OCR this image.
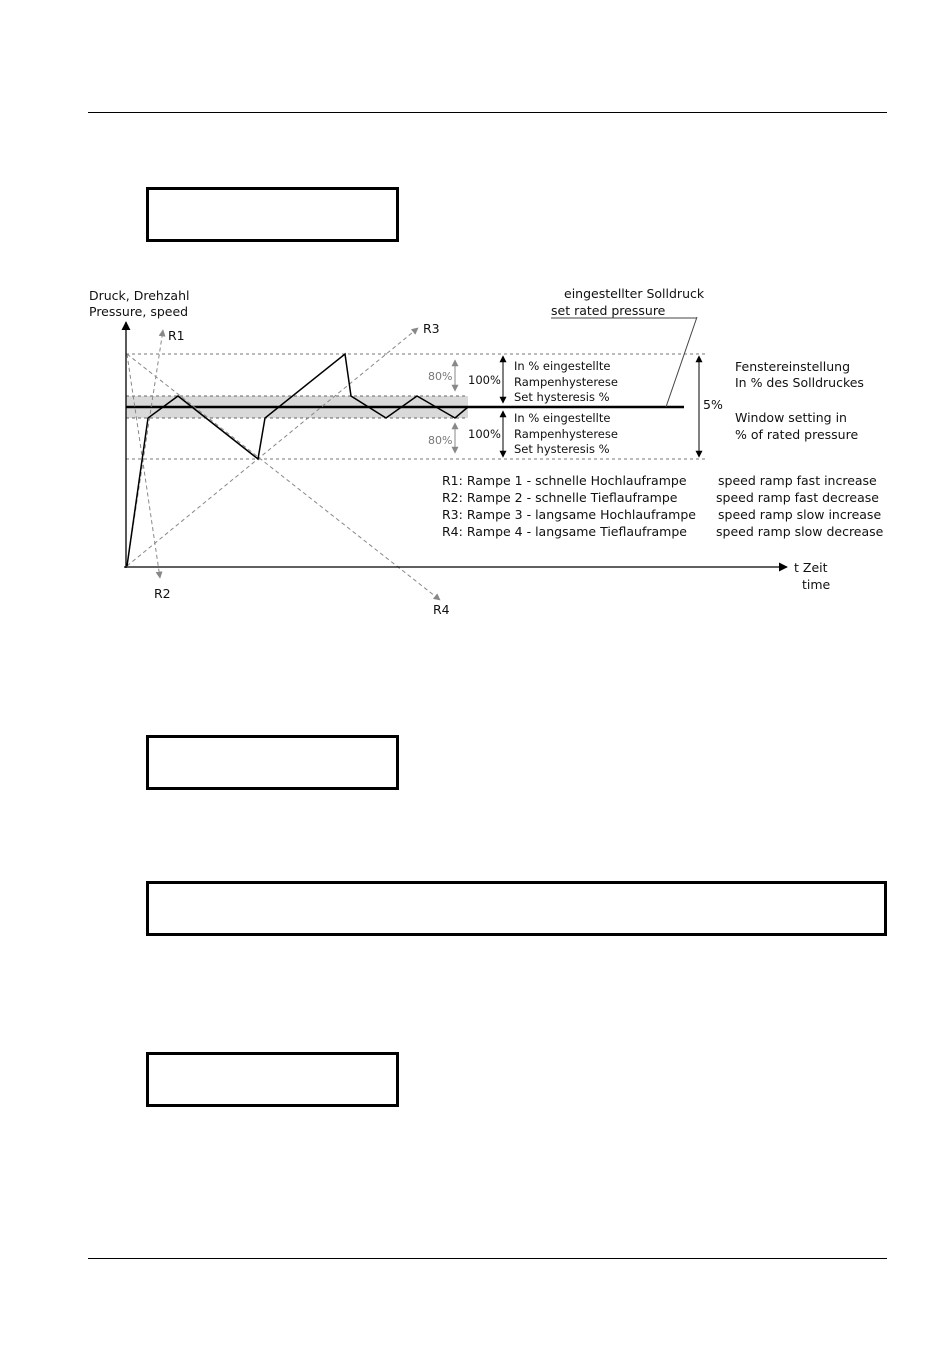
Druck, Drehzahl
Pressure, speed
t Zeit
time
R1
R2
R3
R4
eingestellter Solldruck
set rated pressure
80%
80%
100%
100%
5%
In % eingestellte
Rampenhysterese
Set hysteresis %
In % eingestellte
Rampenhysterese
Set hysteresis %
Fenstereinstellung
In % des Solldruckes
Window setting in
% of rated pressure
R1: Rampe 1 - schnelle Hochlauframpe	speed ramp fast increase
R2: Rampe 2 - schnelle Tieflauframpe	speed ramp fast decrease
R3: Rampe 3 - langsame Hochlauframpe speed ramp slow increase
R4: Rampe 4 - langsame Tieflauframpe speed ramp slow decrease
